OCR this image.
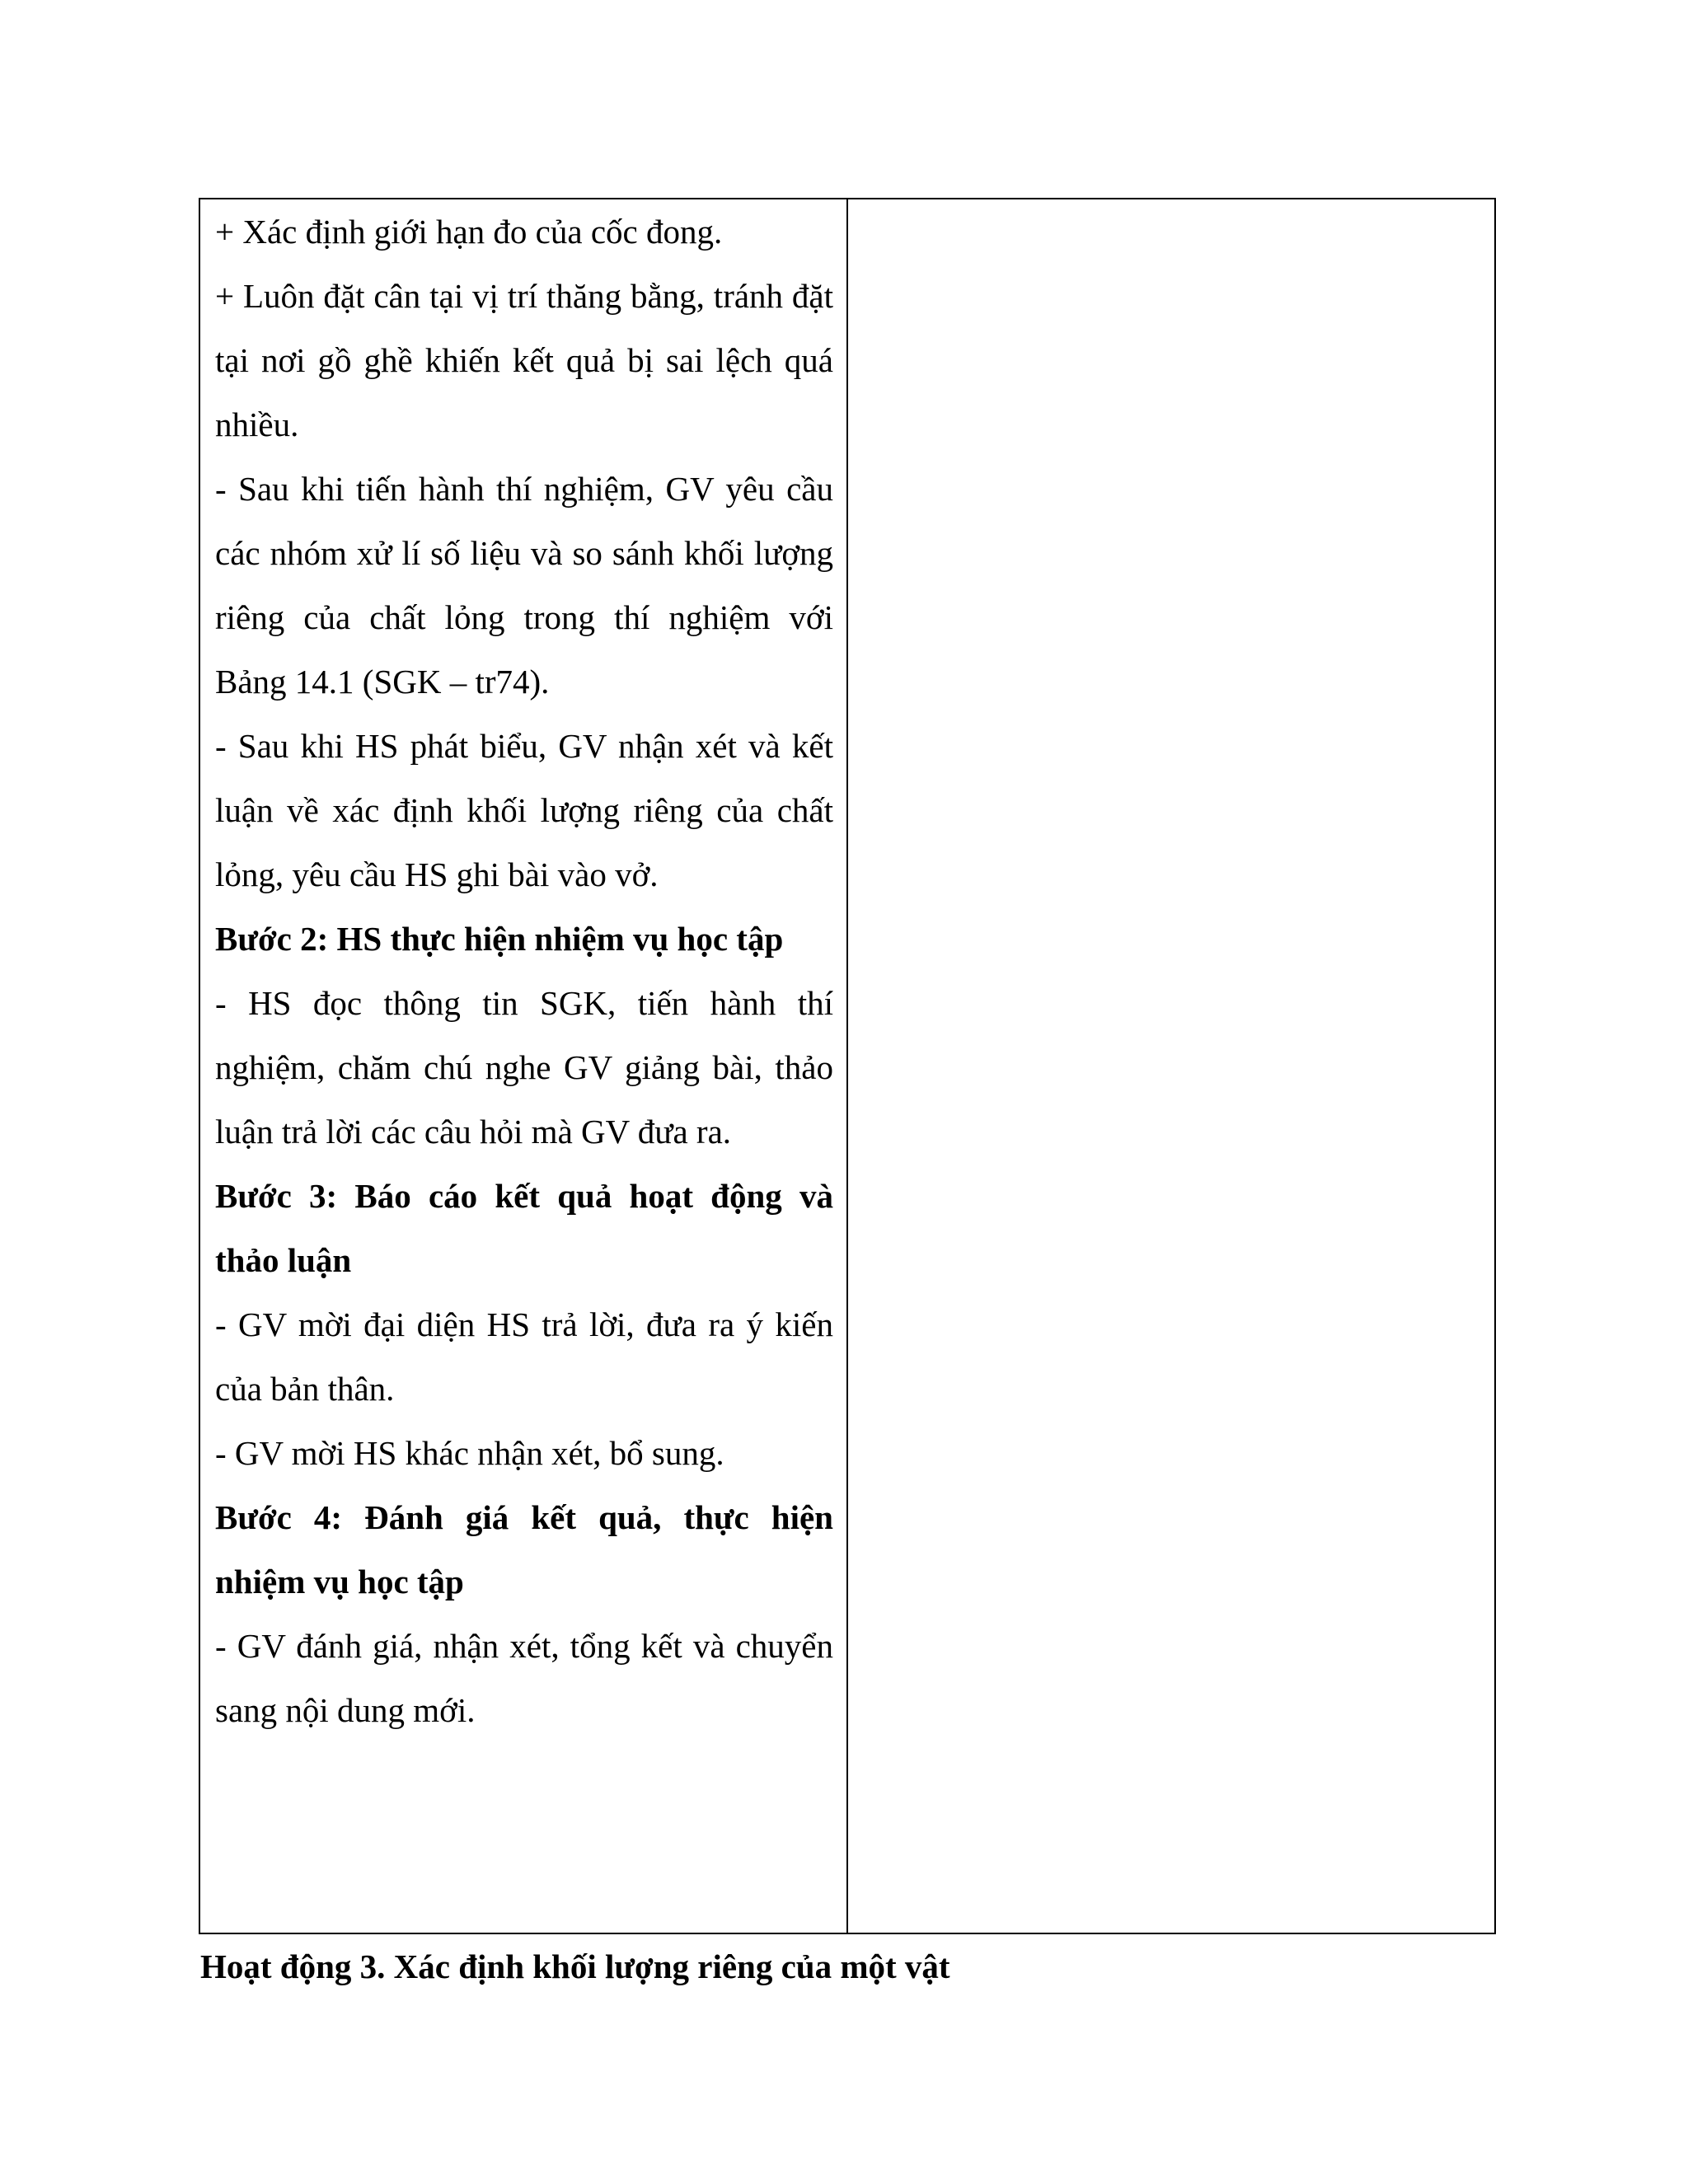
+ Xác định giới hạn đo của cốc đong.

+ Luôn đặt cân tại vị trí thăng bằng, tránh đặt tại nơi gồ ghề khiến kết quả bị sai lệch quá nhiều.

- Sau khi tiến hành thí nghiệm, GV yêu cầu các nhóm xử lí số liệu và so sánh khối lượng riêng của chất lỏng trong thí nghiệm với Bảng 14.1 (SGK – tr74).

- Sau khi HS phát biểu, GV nhận xét và kết luận về xác định khối lượng riêng của chất lỏng, yêu cầu HS ghi bài vào vở.

Bước 2: HS thực hiện nhiệm vụ học tập

- HS đọc thông tin SGK, tiến hành thí nghiệm, chăm chú nghe GV giảng bài, thảo luận trả lời các câu hỏi mà GV đưa ra.

Bước 3: Báo cáo kết quả hoạt động và thảo luận

- GV mời đại diện HS trả lời, đưa ra ý kiến của bản thân.

- GV mời HS khác nhận xét, bổ sung.

Bước 4: Đánh giá kết quả, thực hiện nhiệm vụ học tập

- GV đánh giá, nhận xét, tổng kết và chuyển sang nội dung mới.

Hoạt động 3. Xác định khối lượng riêng của một vật
